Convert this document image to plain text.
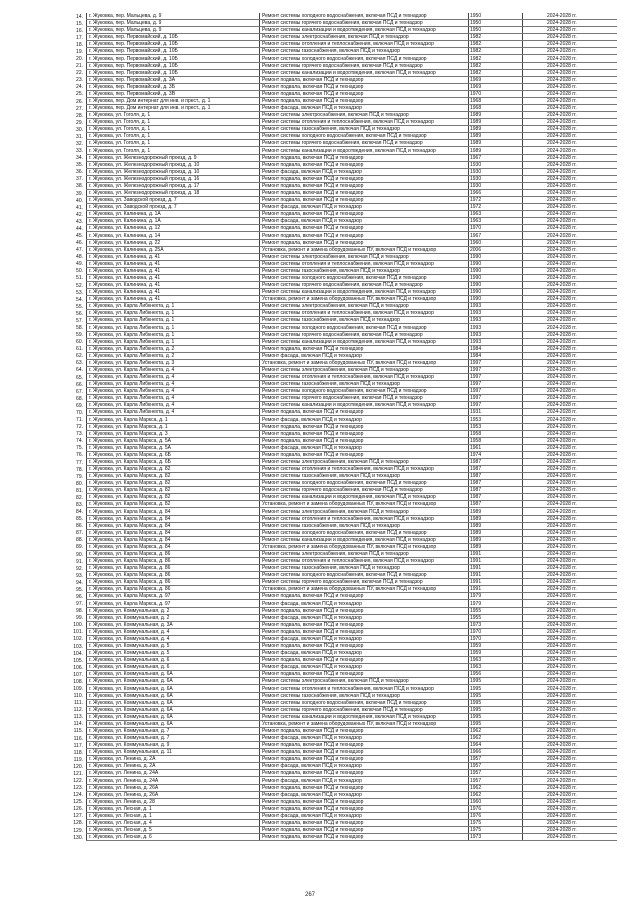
14.	г. Жуковка, пер. Мальцева, д. 9	Ремонт системы холодного водоснабжения, включая ПСД и технадзор	1950	2024-2028 гг.
15.	г. Жуковка, пер. Мальцева, д. 9	Ремонт системы горячего водоснабжения, включая ПСД и технадзор	1950	2024-2028 гг.
16.	г. Жуковка, пер. Мальцева, д. 9	Ремонт системы канализации и водоотведения, включая ПСД и технадзор	1950	2024-2028 гг.
17.	г. Жуковка, пер. Первомайский, д. 10Б	Ремонт системы электроснабжения, включая ПСД и технадзор	1982	2024-2028 гг.
18.	г. Жуковка, пер. Первомайский, д. 10Б	Ремонт системы отопления и теплоснабжения, включая ПСД и технадзор	1982	2024-2028 гг.
19.	г. Жуковка, пер. Первомайский, д. 10Б	Ремонт системы газоснабжения, включая ПСД и технадзор	1982	2024-2028 гг.
20.	г. Жуковка, пер. Первомайский, д. 10Б	Ремонт системы холодного водоснабжения, включая ПСД и технадзор	1982	2024-2028 гг.
21.	г. Жуковка, пер. Первомайский, д. 10Б	Ремонт системы горячего водоснабжения, включая ПСД и технадзор	1982	2024-2028 гг.
22.	г. Жуковка, пер. Первомайский, д. 10Б	Ремонт системы канализации и водоотведения, включая ПСД и технадзор	1982	2024-2028 гг.
23.	г. Жуковка, пер. Первомайский, д. 3А	Ремонт подвала, включая ПСД и технадзор	1969	2024-2028 гг.
24.	г. Жуковка, пер. Первомайский, д. 3Б	Ремонт подвала, включая ПСД и технадзор	1969	2024-2028 гг.
25.	г. Жуковка, пер. Первомайский, д. 3В	Ремонт подвала, включая ПСД и технадзор	1970	2024-2028 гг.
26.	г. Жуковка, пер. Дом интернат для инв. и прест., д. 1	Ремонт подвала, включая ПСД и технадзор	1968	2024-2028 гг.
27.	г. Жуковка, пер. Дом интернат для инв. и прест., д. 1	Ремонт фасада, включая ПСД и технадзор	1968	2024-2028 гг.
28.	г. Жуковка, ул. Гоголя, д. 1	Ремонт системы электроснабжения, включая ПСД и технадзор	1989	2024-2028 гг.
29.	г. Жуковка, ул. Гоголя, д. 1	Ремонт системы отопления и теплоснабжения, включая ПСД и технадзор	1989	2024-2028 гг.
30.	г. Жуковка, ул. Гоголя, д. 1	Ремонт системы газоснабжения, включая ПСД и технадзор	1989	2024-2028 гг.
31.	г. Жуковка, ул. Гоголя, д. 1	Ремонт системы холодного водоснабжения, включая ПСД и технадзор	1989	2024-2028 гг.
32.	г. Жуковка, ул. Гоголя, д. 1	Ремонт системы горячего водоснабжения, включая ПСД и технадзор	1989	2024-2028 гг.
33.	г. Жуковка, ул. Гоголя, д. 1	Ремонт системы канализации и водоотведения, включая ПСД и технадзор	1989	2024-2028 гг.
34.	г. Жуковка, ул. Железнодорожный проезд, д. 9	Ремонт подвала, включая ПСД и технадзор	1967	2024-2028 гг.
35.	г. Жуковка, ул. Железнодорожный проезд, д. 10	Ремонт подвала, включая ПСД и технадзор	1930	2024-2028 гг.
36.	г. Жуковка, ул. Железнодорожный проезд, д. 10	Ремонт фасада, включая ПСД и технадзор	1930	2024-2028 гг.
37.	г. Жуковка, ул. Железнодорожный проезд, д. 16	Ремонт подвала, включая ПСД и технадзор	1930	2024-2028 гг.
38.	г. Жуковка, ул. Железнодорожный проезд, д. 17	Ремонт подвала, включая ПСД и технадзор	1930	2024-2028 гг.
39.	г. Жуковка, ул. Железнодорожный проезд, д. 18	Ремонт подвала, включая ПСД и технадзор	1966	2024-2028 гг.
40.	г. Жуковка, ул. Заводской проезд, д. 7	Ремонт подвала, включая ПСД и технадзор	1972	2024-2028 гг.
41.	г. Жуковка, ул. Заводской проезд, д. 7	Ремонт фасада, включая ПСД и технадзор	1972	2024-2028 гг.
42.	г. Жуковка, ул. Калинина, д. 1А	Ремонт подвала, включая ПСД и технадзор	1963	2024-2028 гг.
43.	г. Жуковка, ул. Калинина, д. 1А	Ремонт фасада, включая ПСД и технадзор	1963	2024-2028 гг.
44.	г. Жуковка, ул. Калинина, д. 12	Ремонт подвала, включая ПСД и технадзор	1970	2024-2028 гг.
45.	г. Жуковка, ул. Калинина, д. 14	Ремонт подвала, включая ПСД и технадзор	1967	2024-2028 гг.
46.	г. Жуковка, ул. Калинина, д. 22	Ремонт подвала, включая ПСД и технадзор	1960	2024-2028 гг.
47.	г. Жуковка, ул. Калинина, д. 25А	Установка, ремонт и замена оборудованных ПУ, включая ПСД и технадзор	2006	2024-2028 гг.
48.	г. Жуковка, ул. Калинина, д. 41	Ремонт системы электроснабжения, включая ПСД и технадзор	1990	2024-2028 гг.
49.	г. Жуковка, ул. Калинина, д. 41	Ремонт системы отопления и теплоснабжения, включая ПСД и технадзор	1990	2024-2028 гг.
50.	г. Жуковка, ул. Калинина, д. 41	Ремонт системы газоснабжения, включая ПСД и технадзор	1990	2024-2028 гг.
51.	г. Жуковка, ул. Калинина, д. 41	Ремонт системы холодного водоснабжения, включая ПСД и технадзор	1990	2024-2028 гг.
52.	г. Жуковка, ул. Калинина, д. 41	Ремонт системы горячего водоснабжения, включая ПСД и технадзор	1990	2024-2028 гг.
53.	г. Жуковка, ул. Калинина, д. 41	Ремонт системы канализации и водоотведения, включая ПСД и технадзор	1990	2024-2028 гг.
54.	г. Жуковка, ул. Калинина, д. 41	Установка, ремонт и замена оборудованных ПУ, включая ПСД и технадзор	1990	2024-2028 гг.
55.	г. Жуковка, ул. Карла Либкнехта, д. 1	Ремонт системы электроснабжения, включая ПСД и технадзор	1993	2024-2028 гг.
56.	г. Жуковка, ул. Карла Либкнехта, д. 1	Ремонт системы отопления и теплоснабжения, включая ПСД и технадзор	1993	2024-2028 гг.
57.	г. Жуковка, ул. Карла Либкнехта, д. 1	Ремонт системы газоснабжения, включая ПСД и технадзор	1993	2024-2028 гг.
58.	г. Жуковка, ул. Карла Либкнехта, д. 1	Ремонт системы холодного водоснабжения, включая ПСД и технадзор	1993	2024-2028 гг.
59.	г. Жуковка, ул. Карла Либкнехта, д. 1	Ремонт системы горячего водоснабжения, включая ПСД и технадзор	1993	2024-2028 гг.
60.	г. Жуковка, ул. Карла Либкнехта, д. 1	Ремонт системы канализации и водоотведения, включая ПСД и технадзор	1993	2024-2028 гг.
61.	г. Жуковка, ул. Карла Либкнехта, д. 2	Ремонт подвала, включая ПСД и технадзор	1984	2024-2028 гг.
62.	г. Жуковка, ул. Карла Либкнехта, д. 2	Ремонт фасада, включая ПСД и технадзор	1984	2024-2028 гг.
63.	г. Жуковка, ул. Карла Либкнехта, д. 3	Установка, ремонт и замена оборудованных ПУ, включая ПСД и технадзор	1997	2024-2028 гг.
64.	г. Жуковка, ул. Карла Либкнехта, д. 4	Ремонт системы электроснабжения, включая ПСД и технадзор	1997	2024-2028 гг.
65.	г. Жуковка, ул. Карла Либкнехта, д. 4	Ремонт системы отопления и теплоснабжения, включая ПСД и технадзор	1997	2024-2028 гг.
66.	г. Жуковка, ул. Карла Либкнехта, д. 4	Ремонт системы газоснабжения, включая ПСД и технадзор	1997	2024-2028 гг.
67.	г. Жуковка, ул. Карла Либкнехта, д. 4	Ремонт системы холодного водоснабжения, включая ПСД и технадзор	1997	2024-2028 гг.
68.	г. Жуковка, ул. Карла Либкнехта, д. 4	Ремонт системы горячего водоснабжения, включая ПСД и технадзор	1997	2024-2028 гг.
69.	г. Жуковка, ул. Карла Либкнехта, д. 4	Ремонт системы канализации и водоотведения, включая ПСД и технадзор	1997	2024-2028 гг.
70.	г. Жуковка, ул. Карла Либкнехта, д. 4	Ремонт подвала, включая ПСД и технадзор	1931	2024-2028 гг.
71.	г. Жуковка, ул. Карла Маркса, д. 1	Ремонт фасада, включая ПСД и технадзор	1953	2024-2028 гг.
72.	г. Жуковка, ул. Карла Маркса, д. 1	Ремонт подвала, включая ПСД и технадзор	1953	2024-2028 гг.
73.	г. Жуковка, ул. Карла Маркса, д. 3	Ремонт подвала, включая ПСД и технадзор	1958	2024-2028 гг.
74.	г. Жуковка, ул. Карла Маркса, д. 5А	Ремонт подвала, включая ПСД и технадзор	1958	2024-2028 гг.
75.	г. Жуковка, ул. Карла Маркса, д. 5А	Ремонт фасада, включая ПСД и технадзор	1961	2024-2028 гг.
76.	г. Жуковка, ул. Карла Маркса, д. 6Б	Ремонт подвала, включая ПСД и технадзор	1974	2024-2028 гг.
77.	г. Жуковка, ул. Карла Маркса, д. 6Б	Ремонт системы электроснабжения, включая ПСД и технадзор	1987	2024-2028 гг.
78.	г. Жуковка, ул. Карла Маркса, д. 82	Ремонт системы отопления и теплоснабжения, включая ПСД и технадзор	1987	2024-2028 гг.
79.	г. Жуковка, ул. Карла Маркса, д. 82	Ремонт системы газоснабжения, включая ПСД и технадзор	1987	2024-2028 гг.
80.	г. Жуковка, ул. Карла Маркса, д. 82	Ремонт системы холодного водоснабжения, включая ПСД и технадзор	1987	2024-2028 гг.
81.	г. Жуковка, ул. Карла Маркса, д. 82	Ремонт системы горячего водоснабжения, включая ПСД и технадзор	1987	2024-2028 гг.
82.	г. Жуковка, ул. Карла Маркса, д. 82	Ремонт системы канализации и водоотведения, включая ПСД и технадзор	1987	2024-2028 гг.
83.	г. Жуковка, ул. Карла Маркса, д. 82	Установка, ремонт и замена оборудованных ПУ, включая ПСД и технадзор	1987	2024-2028 гг.
84.	г. Жуковка, ул. Карла Маркса, д. 84	Ремонт системы электроснабжения, включая ПСД и технадзор	1989	2024-2028 гг.
85.	г. Жуковка, ул. Карла Маркса, д. 84	Ремонт системы отопления и теплоснабжения, включая ПСД и технадзор	1989	2024-2028 гг.
86.	г. Жуковка, ул. Карла Маркса, д. 84	Ремонт системы газоснабжения, включая ПСД и технадзор	1989	2024-2028 гг.
87.	г. Жуковка, ул. Карла Маркса, д. 84	Ремонт системы холодного водоснабжения, включая ПСД и технадзор	1989	2024-2028 гг.
88.	г. Жуковка, ул. Карла Маркса, д. 84	Ремонт системы канализации и водоотведения, включая ПСД и технадзор	1989	2024-2028 гг.
89.	г. Жуковка, ул. Карла Маркса, д. 84	Установка, ремонт и замена оборудованных ПУ, включая ПСД и технадзор	1989	2024-2028 гг.
90.	г. Жуковка, ул. Карла Маркса, д. 86	Ремонт системы электроснабжения, включая ПСД и технадзор	1991	2024-2028 гг.
91.	г. Жуковка, ул. Карла Маркса, д. 86	Ремонт системы отопления и теплоснабжения, включая ПСД и технадзор	1991	2024-2028 гг.
92.	г. Жуковка, ул. Карла Маркса, д. 86	Ремонт системы газоснабжения, включая ПСД и технадзор	1991	2024-2028 гг.
93.	г. Жуковка, ул. Карла Маркса, д. 86	Ремонт системы холодного водоснабжения, включая ПСД и технадзор	1991	2024-2028 гг.
94.	г. Жуковка, ул. Карла Маркса, д. 86	Ремонт системы горячего водоснабжения, включая ПСД и технадзор	1991	2024-2028 гг.
95.	г. Жуковка, ул. Карла Маркса, д. 86	Установка, ремонт и замена оборудованных ПУ, включая ПСД и технадзор	1991	2024-2028 гг.
96.	г. Жуковка, ул. Карла Маркса, д. 97	Ремонт подвала, включая ПСД и технадзор	1979	2024-2028 гг.
97.	г. Жуковка, ул. Карла Маркса, д. 97	Ремонт фасада, включая ПСД и технадзор	1979	2024-2028 гг.
98.	г. Жуковка, ул. Коммунальная, д. 2	Ремонт подвала, включая ПСД и технадзор	1955	2024-2028 гг.
99.	г. Жуковка, ул. Коммунальная, д. 2	Ремонт фасада, включая ПСД и технадзор	1955	2024-2028 гг.
100.	г. Жуковка, ул. Коммунальная, д. 3А	Ремонт подвала, включая ПСД и технадзор	1973	2024-2028 гг.
101.	г. Жуковка, ул. Коммунальная, д. 4	Ремонт подвала, включая ПСД и технадзор	1970	2024-2028 гг.
102.	г. Жуковка, ул. Коммунальная, д. 4	Ремонт фасада, включая ПСД и технадзор	1970	2024-2028 гг.
103.	г. Жуковка, ул. Коммунальная, д. 5	Ремонт подвала, включая ПСД и технадзор	1959	2024-2028 гг.
104.	г. Жуковка, ул. Коммунальная, д. 5	Ремонт фасада, включая ПСД и технадзор	1959	2024-2028 гг.
105.	г. Жуковка, ул. Коммунальная, д. 6	Ремонт подвала, включая ПСД и технадзор	1963	2024-2028 гг.
106.	г. Жуковка, ул. Коммунальная, д. 6	Ремонт фасада, включая ПСД и технадзор	1963	2024-2028 гг.
107.	г. Жуковка, ул. Коммунальная, д. 6А	Ремонт подвала, включая ПСД и технадзор	1956	2024-2028 гг.
108.	г. Жуковка, ул. Коммунальная, д. 6А	Ремонт системы электроснабжения, включая ПСД и технадзор	1995	2024-2028 гг.
109.	г. Жуковка, ул. Коммунальная, д. 6А	Ремонт системы отопления и теплоснабжения, включая ПСД и технадзор	1995	2024-2028 гг.
110.	г. Жуковка, ул. Коммунальная, д. 6А	Ремонт системы газоснабжения, включая ПСД и технадзор	1995	2024-2028 гг.
111.	г. Жуковка, ул. Коммунальная, д. 6А	Ремонт системы холодного водоснабжения, включая ПСД и технадзор	1995	2024-2028 гг.
112.	г. Жуковка, ул. Коммунальная, д. 6А	Ремонт системы горячего водоснабжения, включая ПСД и технадзор	1995	2024-2028 гг.
113.	г. Жуковка, ул. Коммунальная, д. 6А	Ремонт системы канализации и водоотведения, включая ПСД и технадзор	1995	2024-2028 гг.
114.	г. Жуковка, ул. Коммунальная, д. 6А	Установка, ремонт и замена оборудованных ПУ, включая ПСД и технадзор	1995	2024-2028 гг.
115.	г. Жуковка, ул. Коммунальная, д. 7	Ремонт подвала, включая ПСД и технадзор	1962	2024-2028 гг.
116.	г. Жуковка, ул. Коммунальная, д. 7	Ремонт фасада, включая ПСД и технадзор	1962	2024-2028 гг.
117.	г. Жуковка, ул. Коммунальная, д. 9	Ремонт подвала, включая ПСД и технадзор	1964	2024-2028 гг.
118.	г. Жуковка, ул. Коммунальная, д. 11	Ремонт подвала, включая ПСД и технадзор	1966	2024-2028 гг.
119.	г. Жуковка, ул. Ленина, д. 2А	Ремонт подвала, включая ПСД и технадзор	1957	2024-2028 гг.
120.	г. Жуковка, ул. Ленина, д. 2А	Ремонт фасада, включая ПСД и технадзор	1957	2024-2028 гг.
121.	г. Жуковка, ул. Ленина, д. 24А	Ремонт подвала, включая ПСД и технадзор	1957	2024-2028 гг.
122.	г. Жуковка, ул. Ленина, д. 24А	Ремонт фасада, включая ПСД и технадзор	1957	2024-2028 гг.
123.	г. Жуковка, ул. Ленина, д. 26А	Ремонт подвала, включая ПСД и технадзор	1962	2024-2028 гг.
124.	г. Жуковка, ул. Ленина, д. 26А	Ремонт фасада, включая ПСД и технадзор	1962	2024-2028 гг.
125.	г. Жуковка, ул. Ленина, д. 28	Ремонт подвала, включая ПСД и технадзор	1960	2024-2028 гг.
126.	г. Жуковка, ул. Лесная, д. 1	Ремонт подвала, включая ПСД и технадзор	1976	2024-2028 гг.
127.	г. Жуковка, ул. Лесная, д. 1	Ремонт фасада, включая ПСД и технадзор	1976	2024-2028 гг.
128.	г. Жуковка, ул. Лесная, д. 4	Ремонт подвала, включая ПСД и технадзор	1975	2024-2028 гг.
129.	г. Жуковка, ул. Лесная, д. 5	Ремонт подвала, включая ПСД и технадзор	1975	2024-2028 гг.
130.	г. Жуковка, ул. Лесная, д. 6	Ремонт подвала, включая ПСД и технадзор	1973	2024-2028 гг.
267
